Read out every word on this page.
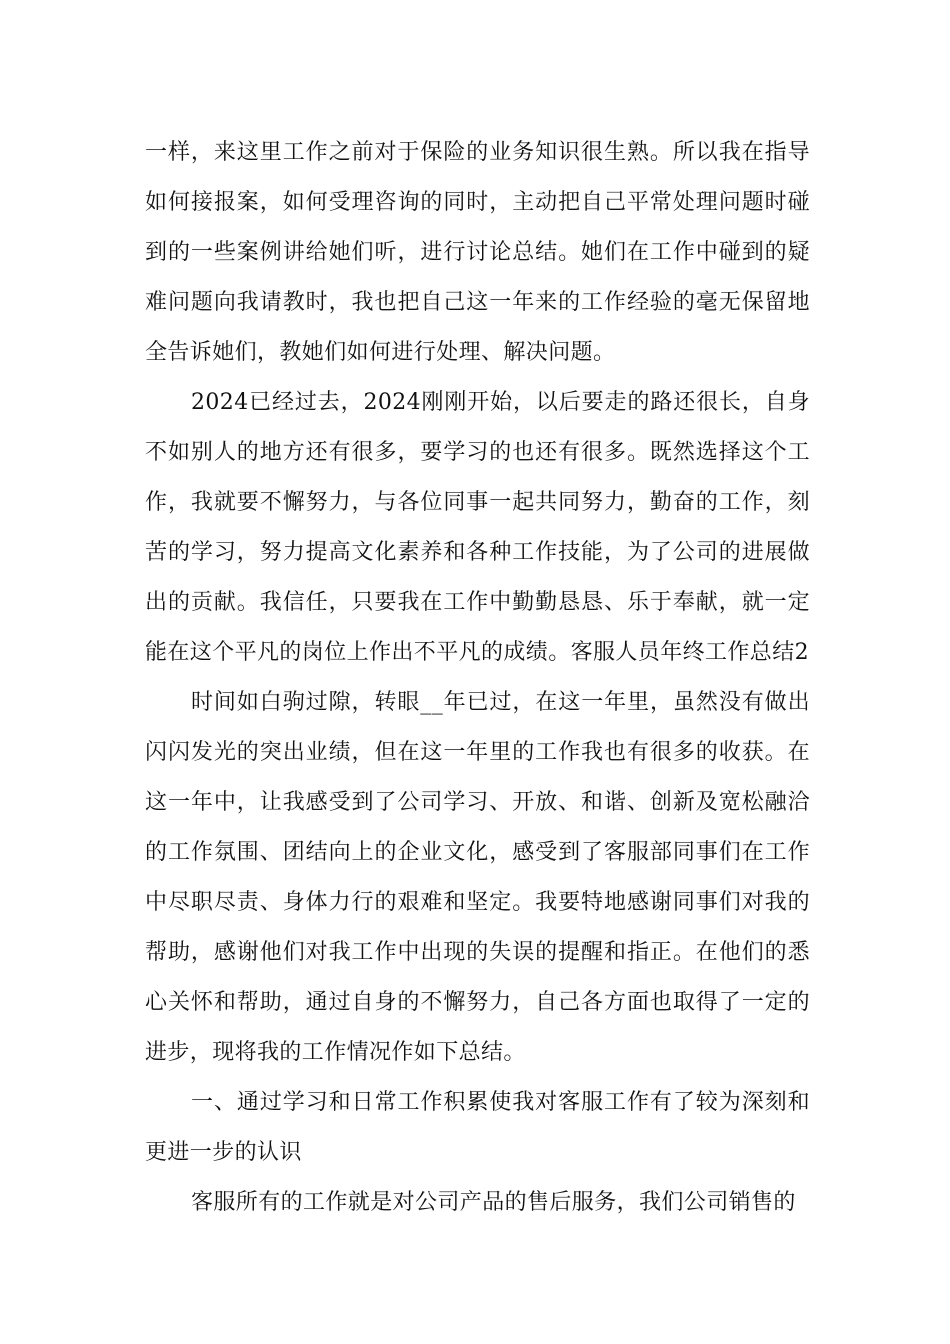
一样，来这里工作之前对于保险的业务知识很生熟。所以我在指导如何接报案，如何受理咨询的同时，主动把自己平常处理问题时碰到的一些案例讲给她们听，进行讨论总结。她们在工作中碰到的疑难问题向我请教时，我也把自己这一年来的工作经验的毫无保留地全告诉她们，教她们如何进行处理、解决问题。

2024已经过去，2024刚刚开始，以后要走的路还很长，自身不如别人的地方还有很多，要学习的也还有很多。既然选择这个工作，我就要不懈努力，与各位同事一起共同努力，勤奋的工作，刻苦的学习，努力提高文化素养和各种工作技能，为了公司的进展做出的贡献。我信任，只要我在工作中勤勤恳恳、乐于奉献，就一定能在这个平凡的岗位上作出不平凡的成绩。客服人员年终工作总结2

时间如白驹过隙，转眼__年已过，在这一年里，虽然没有做出闪闪发光的突出业绩，但在这一年里的工作我也有很多的收获。在这一年中，让我感受到了公司学习、开放、和谐、创新及宽松融洽的工作氛围、团结向上的企业文化，感受到了客服部同事们在工作中尽职尽责、身体力行的艰难和坚定。我要特地感谢同事们对我的帮助，感谢他们对我工作中出现的失误的提醒和指正。在他们的悉心关怀和帮助，通过自身的不懈努力，自己各方面也取得了一定的进步，现将我的工作情况作如下总结。

一、通过学习和日常工作积累使我对客服工作有了较为深刻和更进一步的认识

客服所有的工作就是对公司产品的售后服务，我们公司销售的
